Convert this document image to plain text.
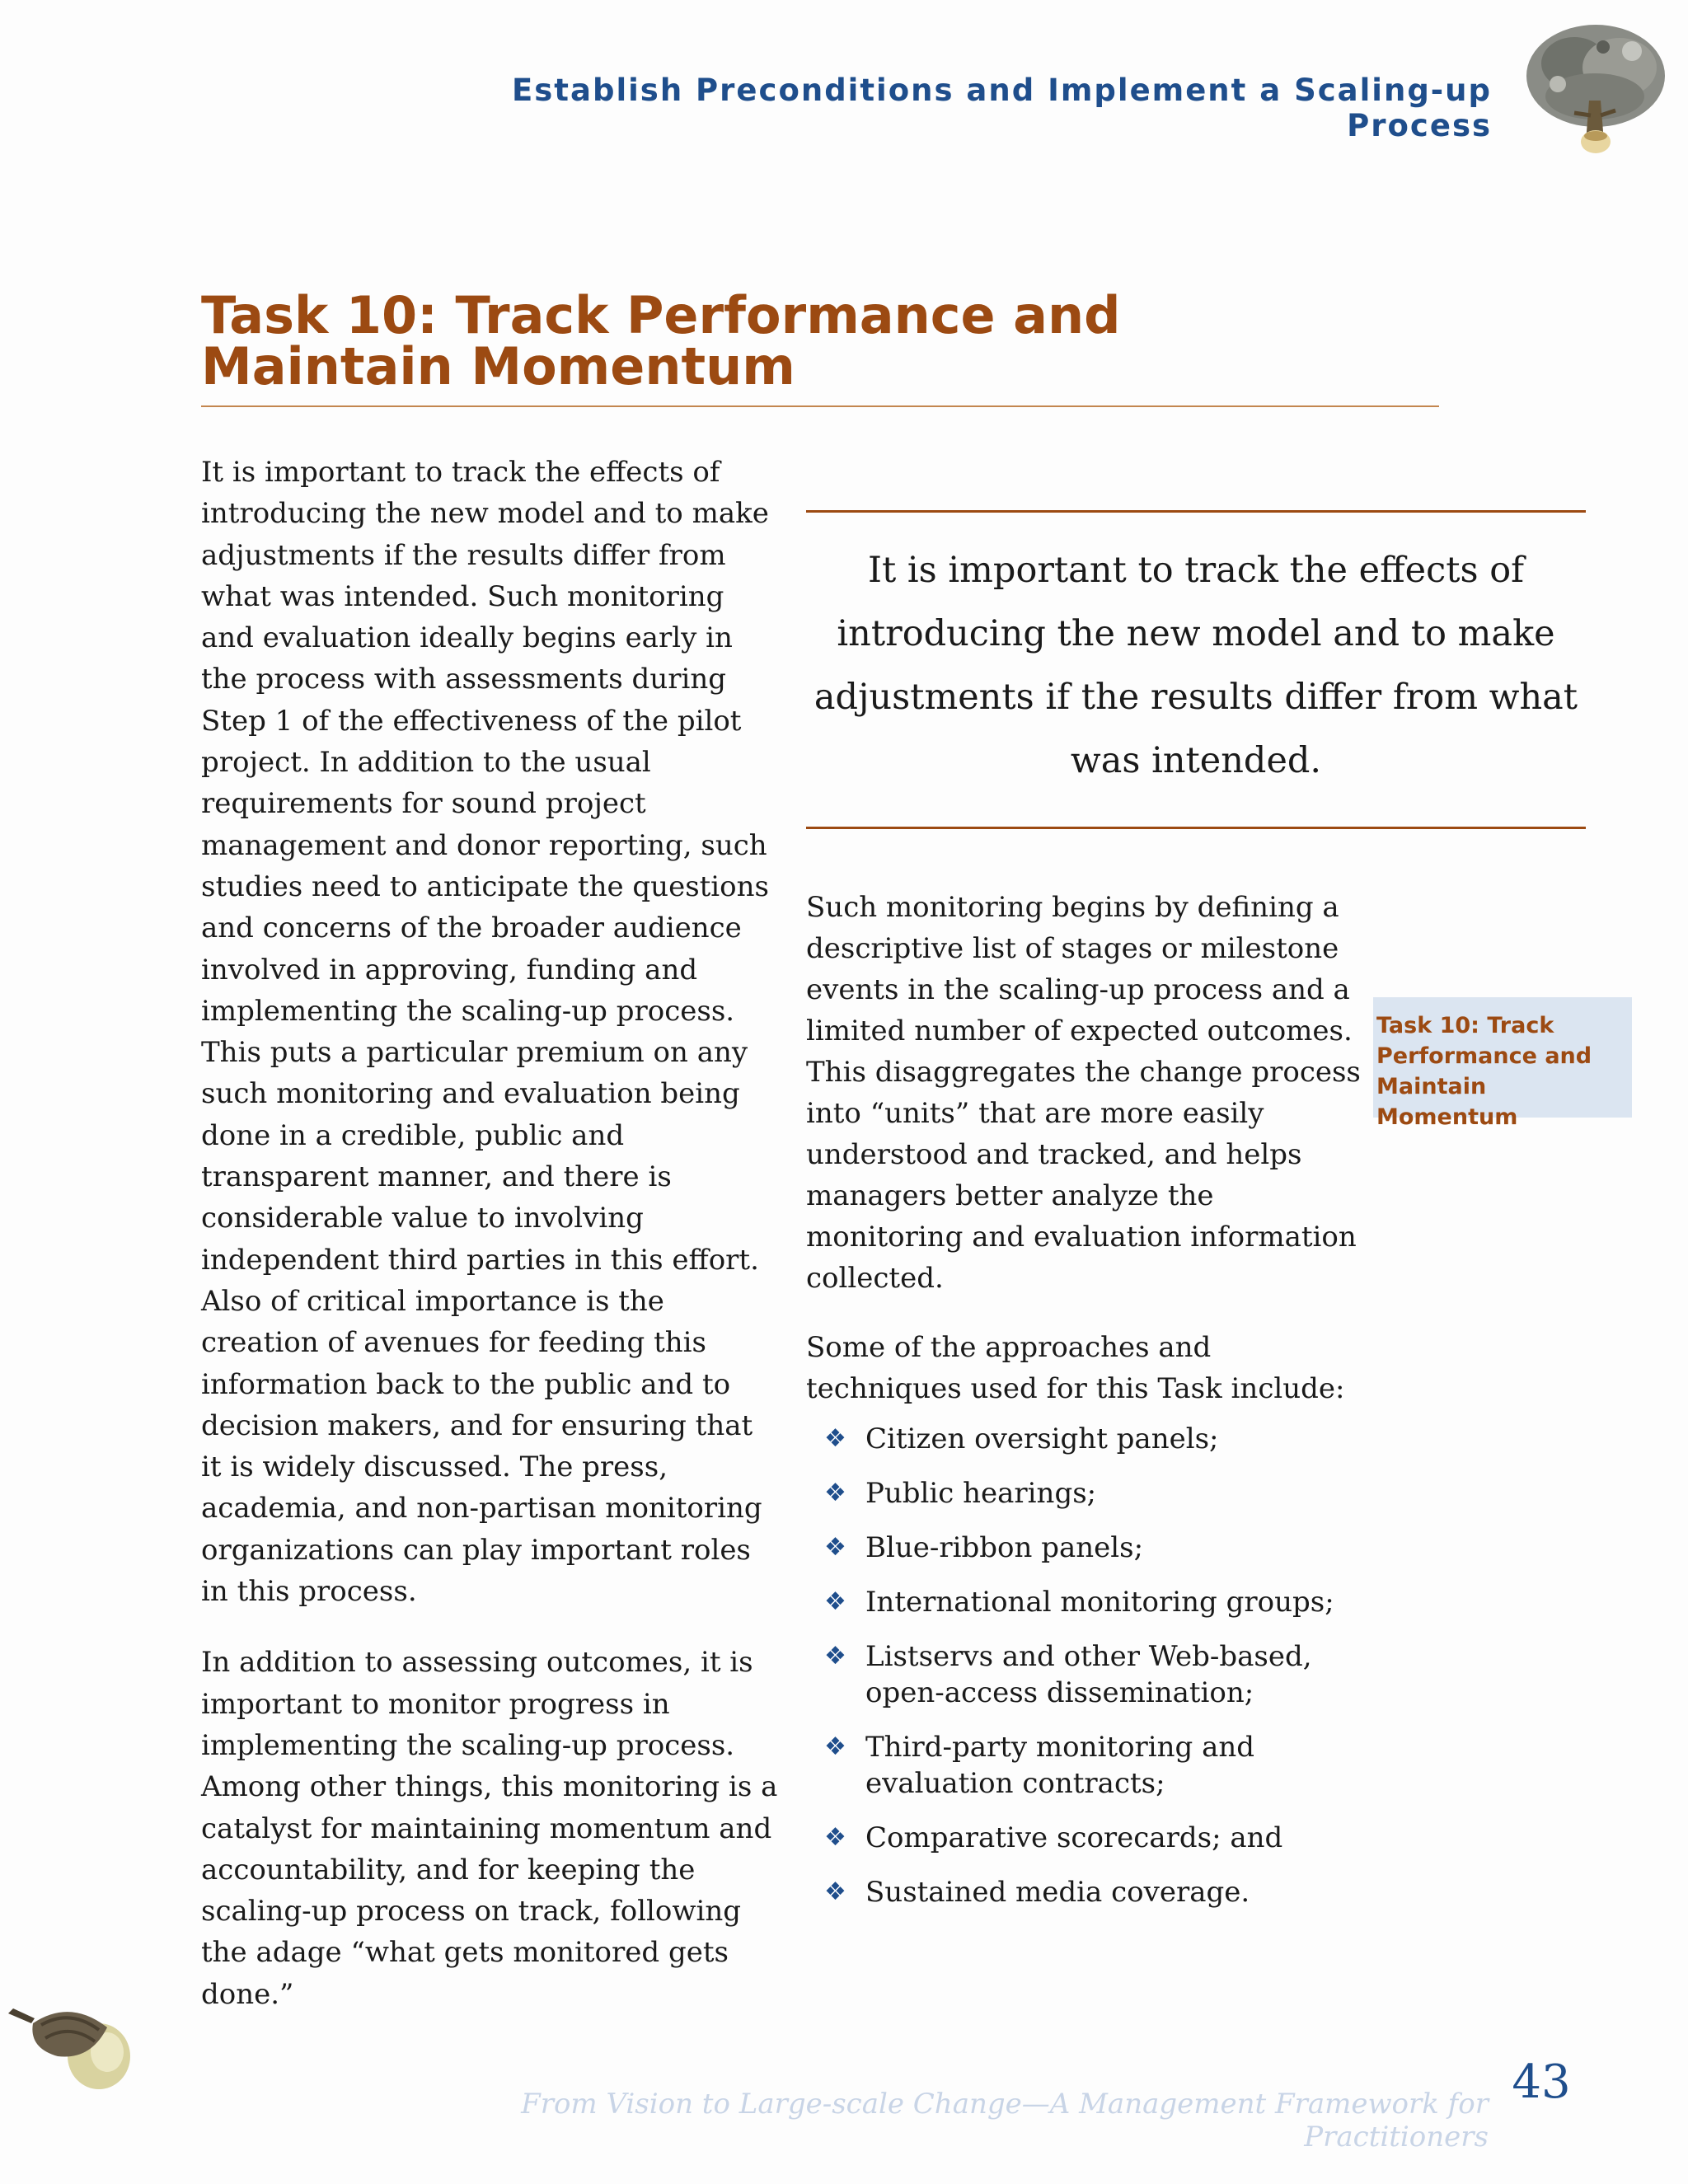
Establish Preconditions and Implement a Scaling-up Process
Task 10: Track Performance and
Maintain Momentum

It is important to track the effects of introducing the new model and to make adjustments if the results differ from what was intended. Such monitoring and evaluation ideally begins early in the process with assessments during Step 1 of the effectiveness of the pilot project. In addition to the usual requirements for sound project management and donor reporting, such studies need to anticipate the questions and concerns of the broader audience involved in approving, funding and implementing the scaling-up process. This puts a particular premium on any such monitoring and evaluation being done in a credible, public and transparent manner, and there is considerable value to involving independent third parties in this effort. Also of critical importance is the creation of avenues for feeding this information back to the public and to decision makers, and for ensuring that it is widely discussed. The press, academia, and non-partisan monitoring organizations can play important roles in this process.

In addition to assessing outcomes, it is important to monitor progress in implementing the scaling-up process. Among other things, this monitoring is a catalyst for maintaining momentum and accountability, and for keeping the scaling-up process on track, following the adage “what gets monitored gets done.”

It is important to track the effects of introducing the new model and to make adjustments if the results differ from what was intended.

Such monitoring begins by defining a descriptive list of stages or milestone events in the scaling-up process and a limited number of expected outcomes. This disaggregates the change process into “units” that are more easily understood and tracked, and helps managers better analyze the monitoring and evaluation information collected.

Some of the approaches and techniques used for this Task include:

❖ Citizen oversight panels;
❖ Public hearings;
❖ Blue-ribbon panels;
❖ International monitoring groups;
❖ Listservs and other Web-based, open-access dissemination;
❖ Third-party monitoring and evaluation contracts;
❖ Comparative scorecards; and
❖ Sustained media coverage.
Task 10: Track Performance and Maintain Momentum
From Vision to Large-scale Change—A Management Framework for Practitioners
43
